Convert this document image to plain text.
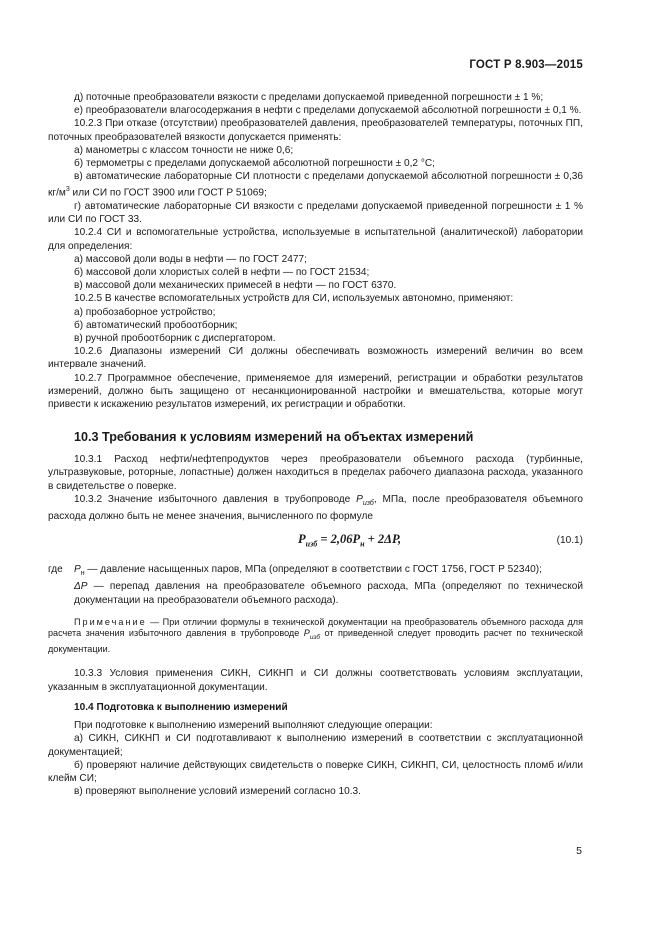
ГОСТ Р 8.903—2015

д) поточные преобразователи вязкости с пределами допускаемой приведенной погрешности ± 1 %;

е) преобразователи влагосодержания в нефти с пределами допускаемой абсолютной погрешности ± 0,1 %.

10.2.3 При отказе (отсутствии) преобразователей давления, преобразователей температуры, поточных ПП, поточных преобразователей вязкости допускается применять:

а) манометры с классом точности не ниже 0,6;

б) термометры с пределами допускаемой абсолютной погрешности ± 0,2 °С;

в) автоматические лабораторные СИ плотности с пределами допускаемой абсолютной погрешности ± 0,36 $кг/м^3$ или СИ по ГОСТ 3900 или ГОСТ Р 51069;

г) автоматические лабораторные СИ вязкости с пределами допускаемой приведенной погрешности ± 1 % или СИ по ГОСТ 33.

10.2.4 СИ и вспомогательные устройства, используемые в испытательной (аналитической) лаборатории для определения:

а) массовой доли воды в нефти — по ГОСТ 2477;

б) массовой доли хлористых солей в нефти — по ГОСТ 21534;

в) массовой доли механических примесей в нефти — по ГОСТ 6370.

10.2.5 В качестве вспомогательных устройств для СИ, используемых автономно, применяют:

а) пробозаборное устройство;

б) автоматический пробоотборник;

в) ручной пробоотборник с диспергатором.

10.2.6 Диапазоны измерений СИ должны обеспечивать возможность измерений величин во всем интервале значений.

10.2.7 Программное обеспечение, применяемое для измерений, регистрации и обработки результатов измерений, должно быть защищено от несанкционированной настройки и вмешательства, которые могут привести к искажению результатов измерений, их регистрации и обработки.

10.3 Требования к условиям измерений на объектах измерений

10.3.1 Расход нефти/нефтепродуктов через преобразователи объемного расхода (турбинные, ультразвуковые, роторные, лопастные) должен находиться в пределах рабочего диапазона расхода, указанного в свидетельстве о поверке.

10.3.2 Значение избыточного давления в трубопроводе $P_{изб}$, МПа, после преобразователя объемного расхода должно быть не менее значения, вычисленного по формуле

$P_{изб} = 2,06P_н + 2\Delta P$,	(10.1)

где $P_н$ — давление насыщенных паров, МПа (определяют в соответствии с ГОСТ 1756, ГОСТ Р 52340);

ΔP — перепад давления на преобразователе объемного расхода, МПа (определяют по технической документации на преобразователи объемного расхода).

Примечание — При отличии формулы в технической документации на преобразователь объемного расхода для расчета значения избыточного давления в трубопроводе $P_{изб}$ от приведенной следует проводить расчет по технической документации.

10.3.3 Условия применения СИКН, СИКНП и СИ должны соответствовать условиям эксплуатации, указанным в эксплуатационной документации.

10.4 Подготовка к выполнению измерений

При подготовке к выполнению измерений выполняют следующие операции:

а) СИКН, СИКНП и СИ подготавливают к выполнению измерений в соответствии с эксплуатационной документацией;

б) проверяют наличие действующих свидетельств о поверке СИКН, СИКНП, СИ, целостность пломб и/или клейм СИ;

в) проверяют выполнение условий измерений согласно 10.3.

5
